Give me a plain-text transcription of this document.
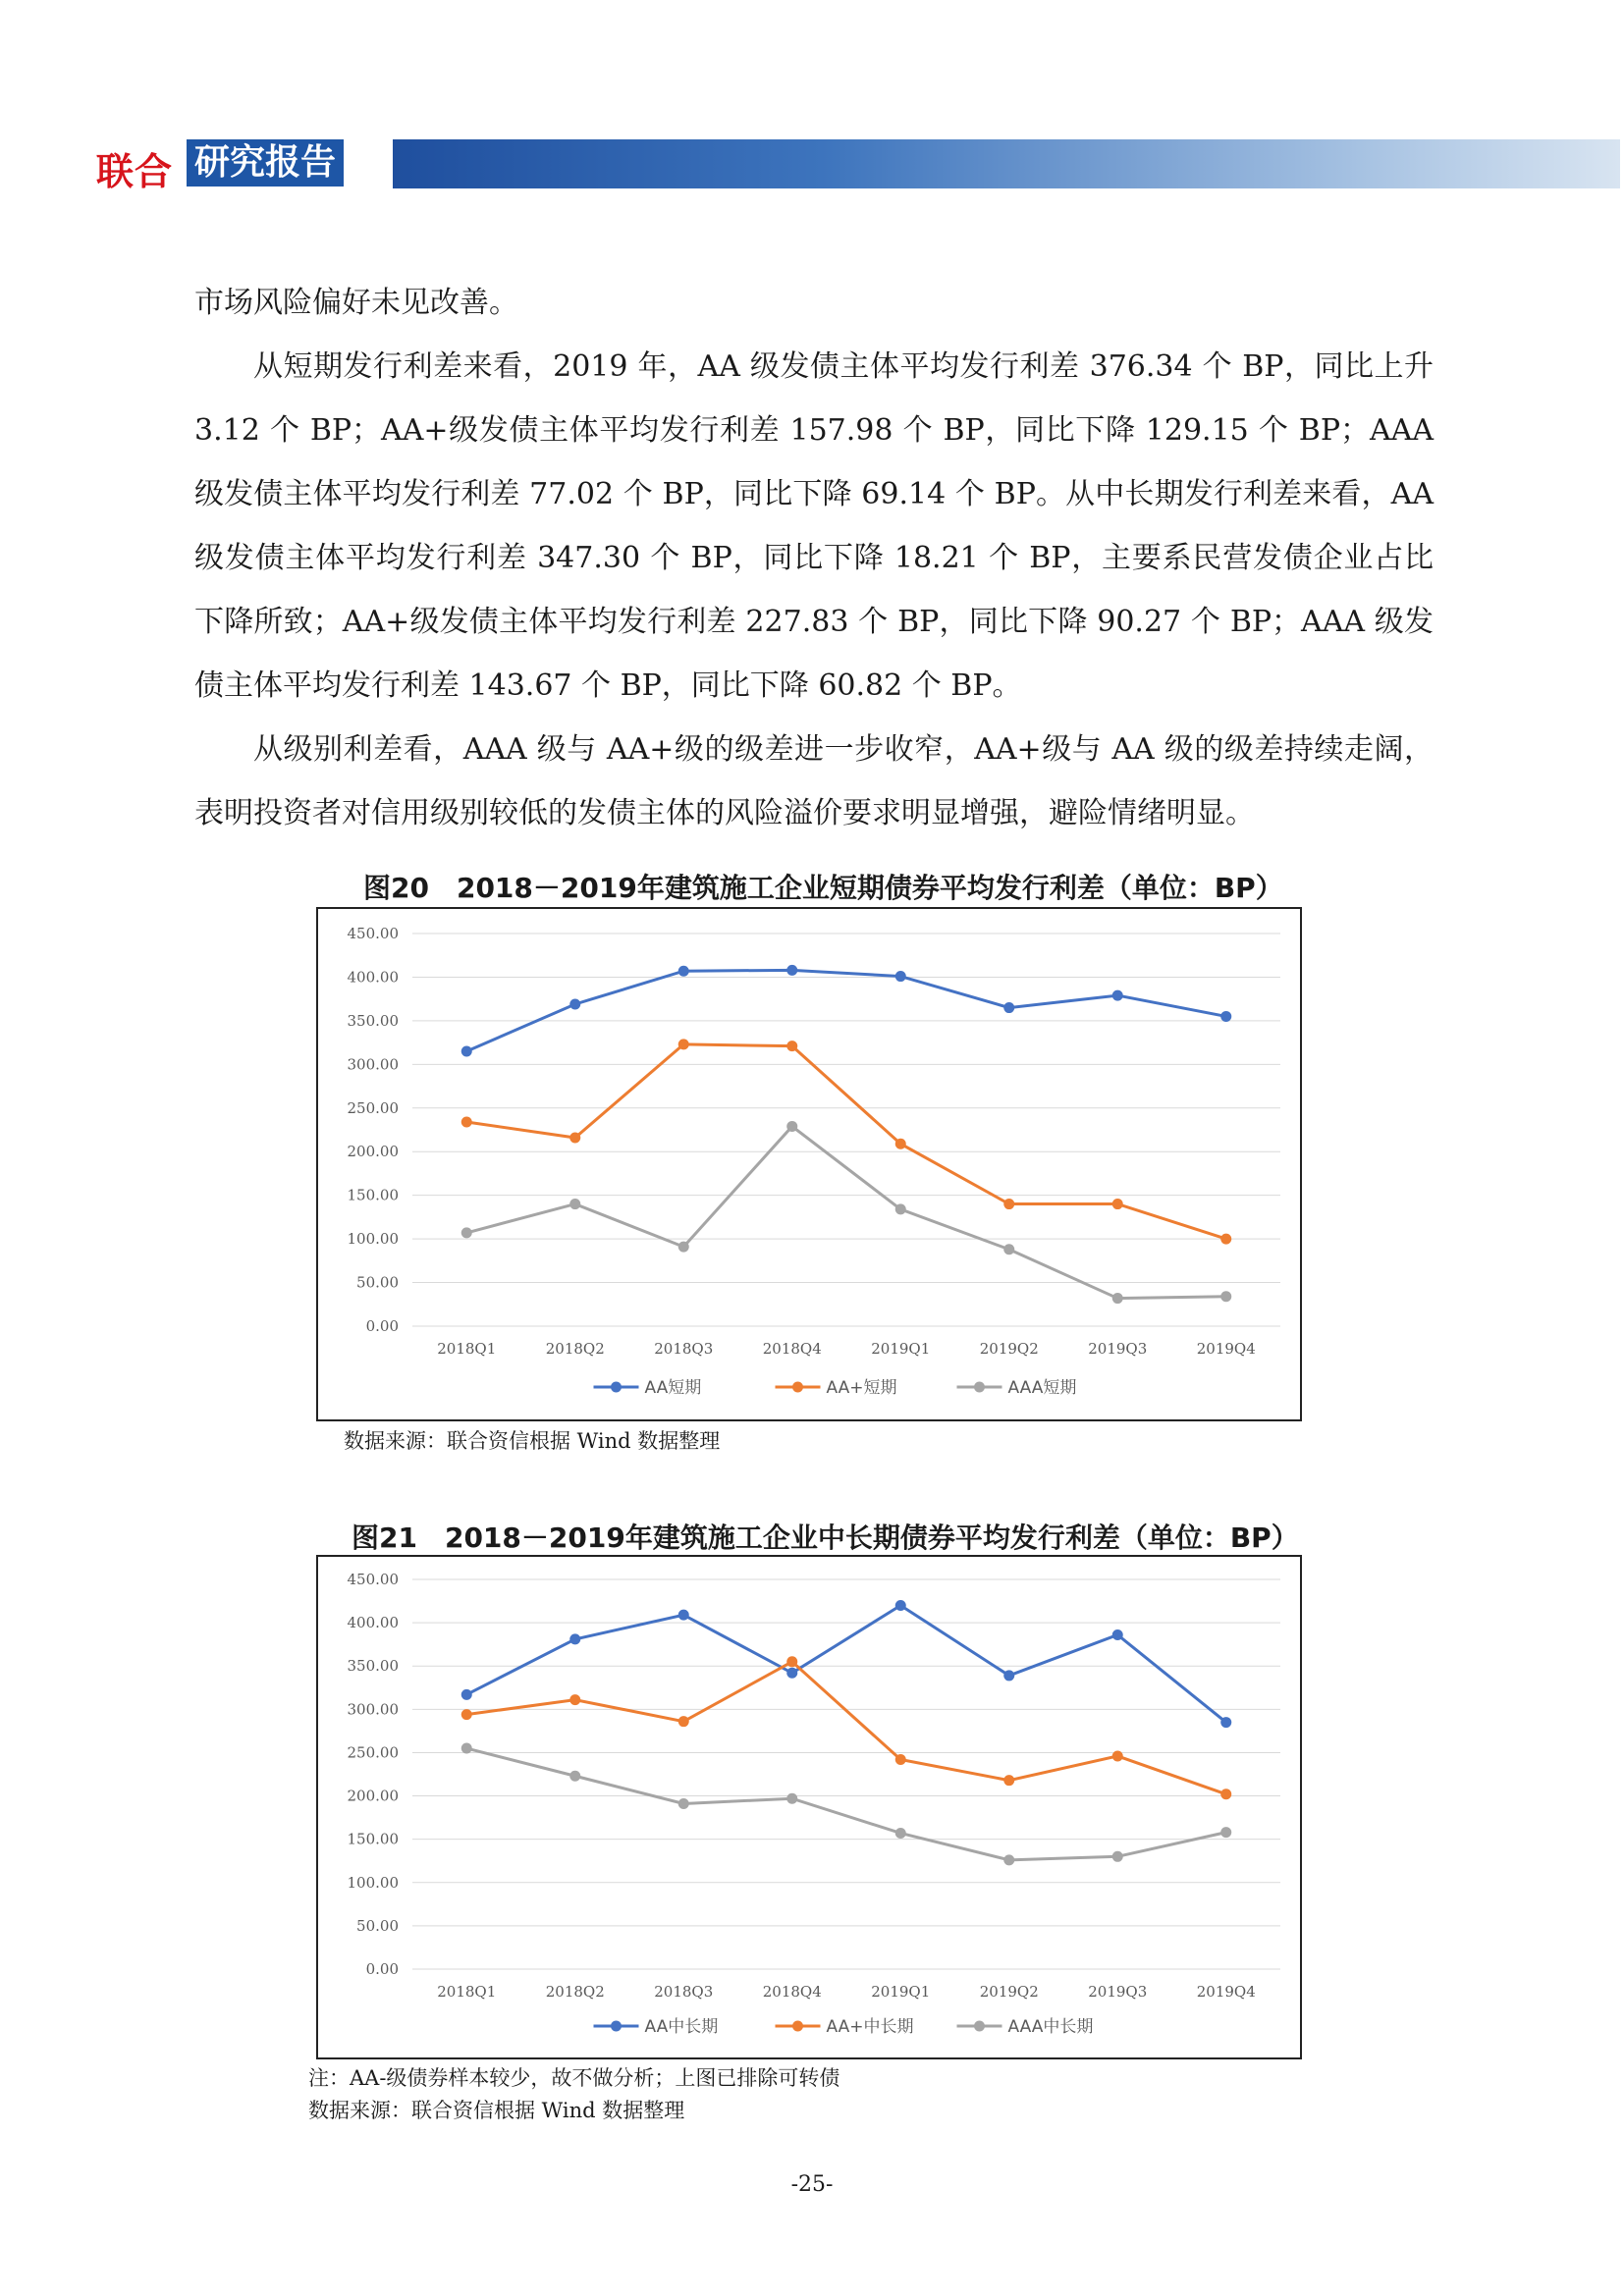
联合 研究报告

市场风险偏好未见改善。

从短期发行利差来看，2019 年，AA 级发债主体平均发行利差 376.34 个 BP，同比上升 3.12 个 BP；AA+级发债主体平均发行利差 157.98 个 BP，同比下降 129.15 个 BP；AAA 级发债主体平均发行利差 77.02 个 BP，同比下降 69.14 个 BP。从中长期发行利差来看，AA 级发债主体平均发行利差 347.30 个 BP，同比下降 18.21 个 BP，主要系民营发债企业占比下降所致；AA+级发债主体平均发行利差 227.83 个 BP，同比下降 90.27 个 BP；AAA 级发债主体平均发行利差 143.67 个 BP，同比下降 60.82 个 BP。

从级别利差看，AAA 级与 AA+级的级差进一步收窄，AA+级与 AA 级的级差持续走阔，表明投资者对信用级别较低的发债主体的风险溢价要求明显增强，避险情绪明显。

图20　2018－2019年建筑施工企业短期债券平均发行利差（单位：BP）
0.00
50.00
100.00
150.00
200.00
250.00
300.00
350.00
400.00
450.00
2018Q1	2018Q2	2018Q3	2018Q4	2019Q1	2019Q2	2019Q3	2019Q4
AA短期	AA+短期	AAA短期
数据来源：联合资信根据 Wind 数据整理
图21　2018－2019年建筑施工企业中长期债券平均发行利差（单位：BP）
0.00
50.00
100.00
150.00
200.00
250.00
300.00
350.00
400.00
450.00
2018Q1	2018Q2	2018Q3	2018Q4	2019Q1	2019Q2	2019Q3	2019Q4
AA中长期	AA+中长期	AAA中长期
注：AA-级债券样本较少，故不做分析；上图已排除可转债
数据来源：联合资信根据 Wind 数据整理
-25-
